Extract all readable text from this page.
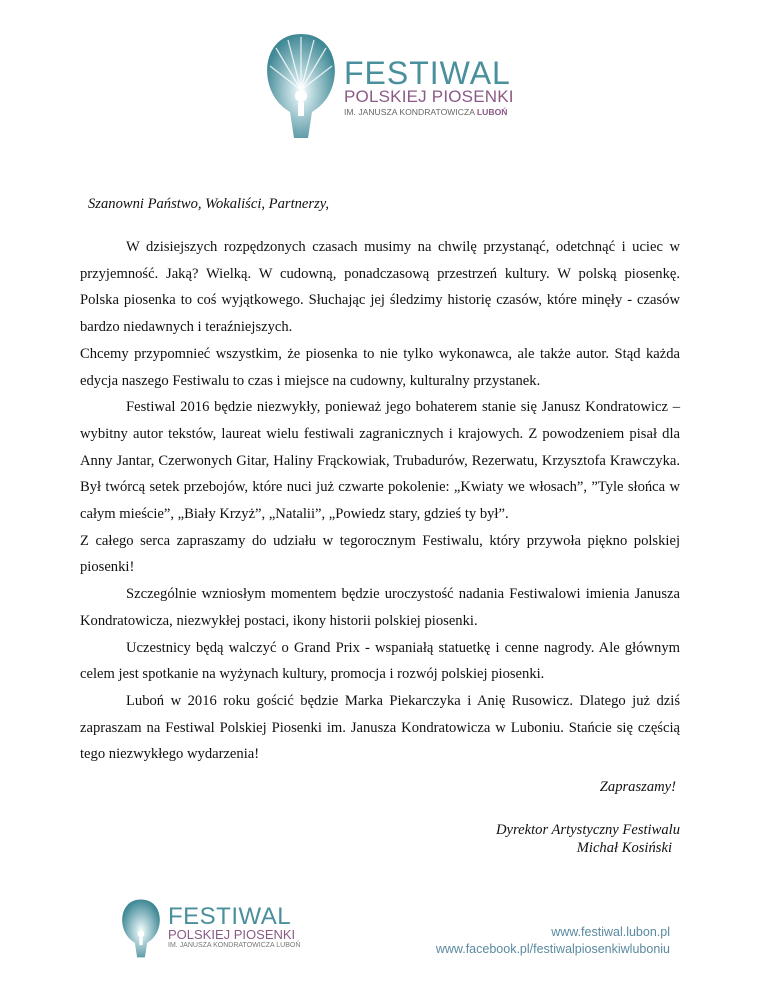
FESTIWAL
POLSKIEJ PIOSENKI
IM. JANUSZA KONDRATOWICZA LUBOŃ
Szanowni Państwo, Wokaliści, Partnerzy,

W dzisiejszych rozpędzonych czasach musimy na chwilę przystanąć, odetchnąć i uciec w przyjemność. Jaką? Wielką. W cudowną, ponadczasową przestrzeń kultury. W polską piosenkę. Polska piosenka to coś wyjątkowego. Słuchając jej śledzimy historię czasów, które minęły - czasów bardzo niedawnych i teraźniejszych.

Chcemy przypomnieć wszystkim, że piosenka to nie tylko wykonawca, ale także autor. Stąd każda edycja naszego Festiwalu to czas i miejsce na cudowny, kulturalny przystanek.

Festiwal 2016 będzie niezwykły, ponieważ jego bohaterem stanie się Janusz Kondratowicz – wybitny autor tekstów, laureat wielu festiwali zagranicznych i krajowych. Z powodzeniem pisał dla Anny Jantar, Czerwonych Gitar, Haliny Frąckowiak, Trubadurów, Rezerwatu, Krzysztofa Krawczyka. Był twórcą setek przebojów, które nuci już czwarte pokolenie: „Kwiaty we włosach”, ”Tyle słońca w całym mieście”, „Biały Krzyż”, „Natalii”, „Powiedz stary, gdzieś ty był”.

Z całego serca zapraszamy do udziału w tegorocznym Festiwalu, który przywoła piękno polskiej piosenki!

Szczególnie wzniosłym momentem będzie uroczystość nadania Festiwalowi imienia Janusza Kondratowicza, niezwykłej postaci, ikony historii polskiej piosenki.

Uczestnicy będą walczyć o Grand Prix - wspaniałą statuetkę i cenne nagrody. Ale głównym celem jest spotkanie na wyżynach kultury, promocja i rozwój polskiej piosenki.

Luboń w 2016 roku gościć będzie Marka Piekarczyka i Anię Rusowicz. Dlatego już dziś zapraszam na Festiwal Polskiej Piosenki im. Janusza Kondratowicza w Luboniu. Stańcie się częścią tego niezwykłego wydarzenia!

Zapraszamy!
Dyrektor Artystyczny Festiwalu
Michał Kosiński
FESTIWAL
POLSKIEJ PIOSENKI
IM. JANUSZA KONDRATOWICZA LUBOŃ
www.festiwal.lubon.pl
www.facebook.pl/festiwalpiosenkiwluboniu
